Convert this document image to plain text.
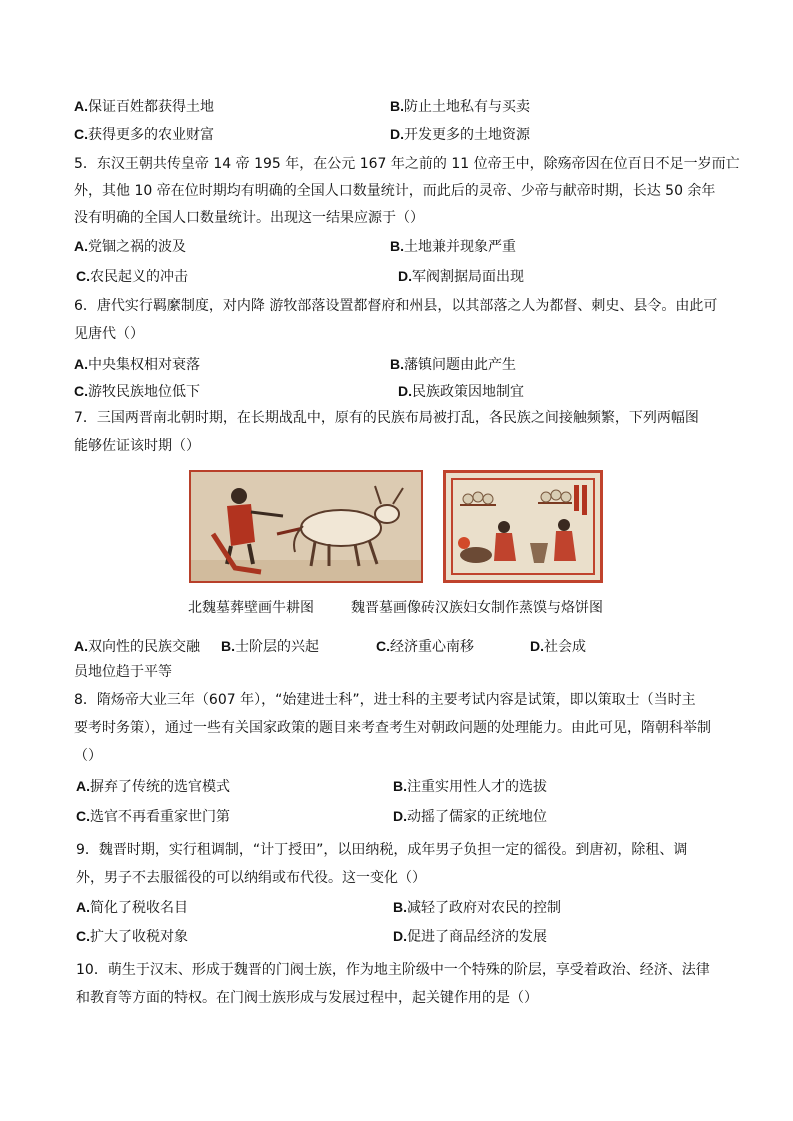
A.保证百姓都获得土地	B.防止土地私有与买卖
C.获得更多的农业财富	D.开发更多的土地资源
5．东汉王朝共传皇帝 14 帝 195 年，在公元 167 年之前的 11 位帝王中，除殇帝因在位百日不足一岁而亡
外，其他 10 帝在位时期均有明确的全国人口数量统计，而此后的灵帝、少帝与献帝时期，长达 50 余年
没有明确的全国人口数量统计。出现这一结果应源于（）
A.党锢之祸的波及	B.土地兼并现象严重
C.农民起义的冲击	D.军阀割据局面出现
6．唐代实行羁縻制度，对内降 游牧部落设置都督府和州县，以其部落之人为都督、刺史、县令。由此可
见唐代（）
A.中央集权相对衰落	B.藩镇问题由此产生
C.游牧民族地位低下	D.民族政策因地制宜
7．三国两晋南北朝时期，在长期战乱中，原有的民族布局被打乱，各民族之间接触频繁，下列两幅图
能够佐证该时期（）
北魏墓葬壁画牛耕图	魏晋墓画像砖汉族妇女制作蒸馍与烙饼图
A.双向性的民族交融 B.士阶层的兴起	C.经济重心南移	D.社会成
员地位趋于平等
8．隋炀帝大业三年（607 年），“始建进士科”，进士科的主要考试内容是试策，即以策取士（当时主
要考时务策），通过一些有关国家政策的题目来考查考生对朝政问题的处理能力。由此可见，隋朝科举制
（）
A.摒弃了传统的选官模式	B.注重实用性人才的选拔
C.选官不再看重家世门第	D.动摇了儒家的正统地位
9．魏晋时期，实行租调制，“计丁授田”，以田纳税，成年男子负担一定的徭役。到唐初，除租、调
外，男子不去服徭役的可以纳绢或布代役。这一变化（）
A.简化了税收名目	B.减轻了政府对农民的控制
C.扩大了收税对象	D.促进了商品经济的发展
10．萌生于汉末、形成于魏晋的门阀士族，作为地主阶级中一个特殊的阶层，享受着政治、经济、法律
和教育等方面的特权。在门阀士族形成与发展过程中，起关键作用的是（）
